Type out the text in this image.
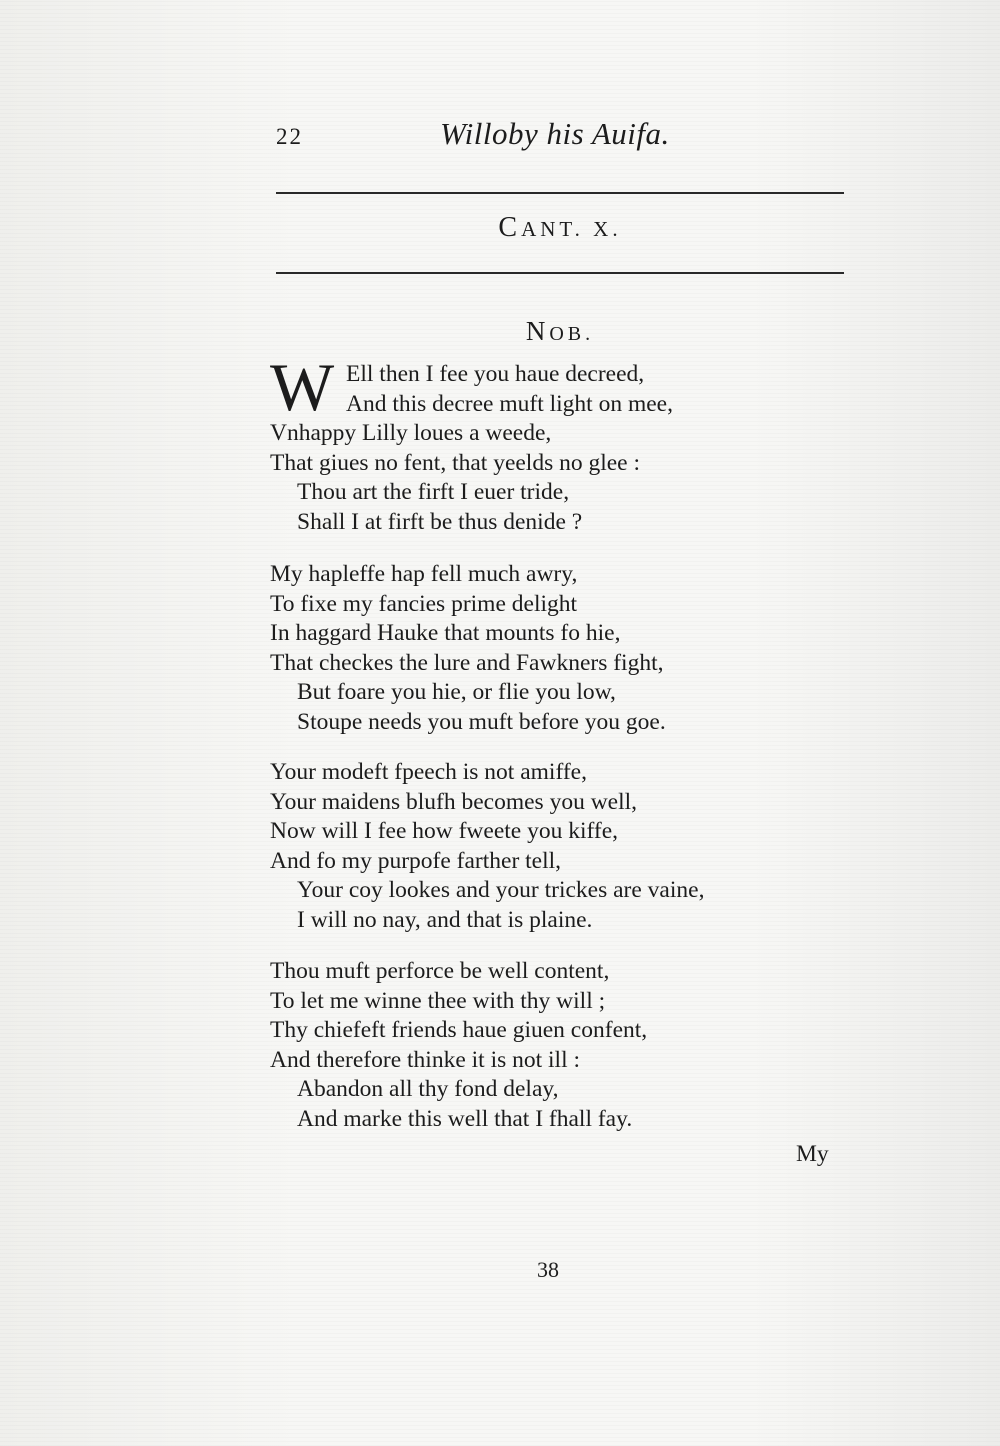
22	Willoby his Auifa.
CANT. X.
NOB.
W Ell then I fee you haue decreed,
And this decree muft light on mee,
Vnhappy Lilly loues a weede,
That giues no fent, that yeelds no glee :
Thou art the firft I euer tride,
Shall I at firft be thus denide ?
My hapleffe hap fell much awry,
To fixe my fancies prime delight
In haggard Hauke that mounts fo hie,
That checkes the lure and Fawkners fight,
But foare you hie, or flie you low,
Stoupe needs you muft before you goe.
Your modeft fpeech is not amiffe,
Your maidens blufh becomes you well,
Now will I fee how fweete you kiffe,
And fo my purpofe farther tell,
Your coy lookes and your trickes are vaine,
I will no nay, and that is plaine.
Thou muft perforce be well content,
To let me winne thee with thy will ;
Thy chiefeft friends haue giuen confent,
And therefore thinke it is not ill :
Abandon all thy fond delay,
And marke this well that I fhall fay.
My
38
